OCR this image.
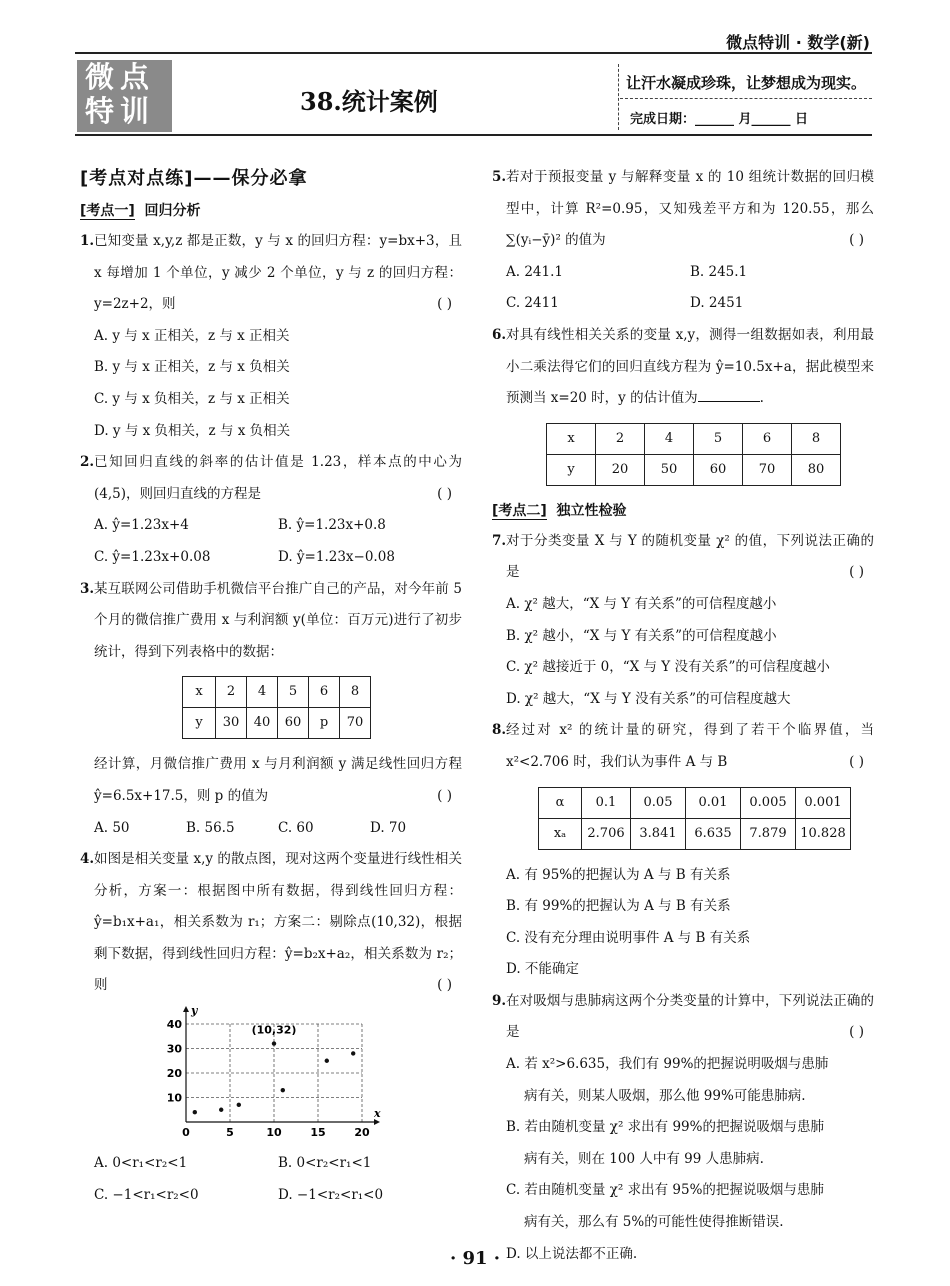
微点特训 · 数学(新)
微点
特训	38.统计案例
让汗水凝成珍珠，让梦想成为现实。
完成日期：______ 月______ 日
[考点对点练]——保分必拿
[考点一] 回归分析
1. 已知变量 x,y,z 都是正数，y 与 x 的回归方程：y=bx+3，且 x 每增加 1 个单位，y 减少 2 个单位，y 与 z 的回归方程：y=2z+2，则	( )
A. y 与 x 正相关，z 与 x 正相关
B. y 与 x 正相关，z 与 x 负相关
C. y 与 x 负相关，z 与 x 正相关
D. y 与 x 负相关，z 与 x 负相关
2. 已知回归直线的斜率的估计值是 1.23，样本点的中心为(4,5)，则回归直线的方程是	( )
A. ŷ=1.23x+4	B. ŷ=1.23x+0.8
C. ŷ=1.23x+0.08	D. ŷ=1.23x−0.08
3. 某互联网公司借助手机微信平台推广自己的产品，对今年前 5 个月的微信推广费用 x 与利润额 y(单位：百万元)进行了初步统计，得到下列表格中的数据：
x	2	4	5	6	8
y	30	40	60	p	70
经计算，月微信推广费用 x 与月利润额 y 满足线性回归方程 ŷ=6.5x+17.5，则 p 的值为	( )
A. 50	B. 56.5	C. 60	D. 70
4. 如图是相关变量 x,y 的散点图，现对这两个变量进行线性相关分析，方案一：根据图中所有数据，得到线性回归方程：ŷ=b₁x+a₁，相关系数为 r₁；方案二：剔除点(10,32)，根据剩下数据，得到线性回归方程：ŷ=b₂x+a₂，相关系数为 r₂；则	( )
x
y
0	5	10	15	20
10
20
30
40	(10,32)
A. 0<r₁<r₂<1	B. 0<r₂<r₁<1
C. −1<r₁<r₂<0	D. −1<r₂<r₁<0
5. 若对于预报变量 y 与解释变量 x 的 10 组统计数据的回归模型中，计算 R²=0.95，又知残差平方和为 120.55，那么 ∑(yᵢ−ȳ)² 的值为	( )
A. 241.1	B. 245.1
C. 2411	D. 2451
6. 对具有线性相关关系的变量 x,y，测得一组数据如表，利用最小二乘法得它们的回归直线方程为 ŷ=10.5x+a，据此模型来预测当 x=20 时，y 的估计值为	.
x	2	4	5	6	8
y	20	50	60	70	80
[考点二] 独立性检验
7. 对于分类变量 X 与 Y 的随机变量 χ² 的值，下列说法正确的是	( )
A. χ² 越大，“X 与 Y 有关系”的可信程度越小
B. χ² 越小，“X 与 Y 有关系”的可信程度越小
C. χ² 越接近于 0，“X 与 Y 没有关系”的可信程度越小
D. χ² 越大，“X 与 Y 没有关系”的可信程度越大
8. 经过对 x² 的统计量的研究，得到了若干个临界值，当 x²<2.706 时，我们认为事件 A 与 B	( )
α	0.1	0.05	0.01	0.005	0.001
xₐ	2.706	3.841	6.635	7.879	10.828
A. 有 95%的把握认为 A 与 B 有关系
B. 有 99%的把握认为 A 与 B 有关系
C. 没有充分理由说明事件 A 与 B 有关系
D. 不能确定
9. 在对吸烟与患肺病这两个分类变量的计算中，下列说法正确的是	( )
A. 若 x²>6.635，我们有 99%的把握说明吸烟与患肺
病有关，则某人吸烟，那么他 99%可能患肺病.
B. 若由随机变量 χ² 求出有 99%的把握说吸烟与患肺
病有关，则在 100 人中有 99 人患肺病.
C. 若由随机变量 χ² 求出有 95%的把握说吸烟与患肺
病有关，那么有 5%的可能性使得推断错误.
D. 以上说法都不正确.
· 91 ·
